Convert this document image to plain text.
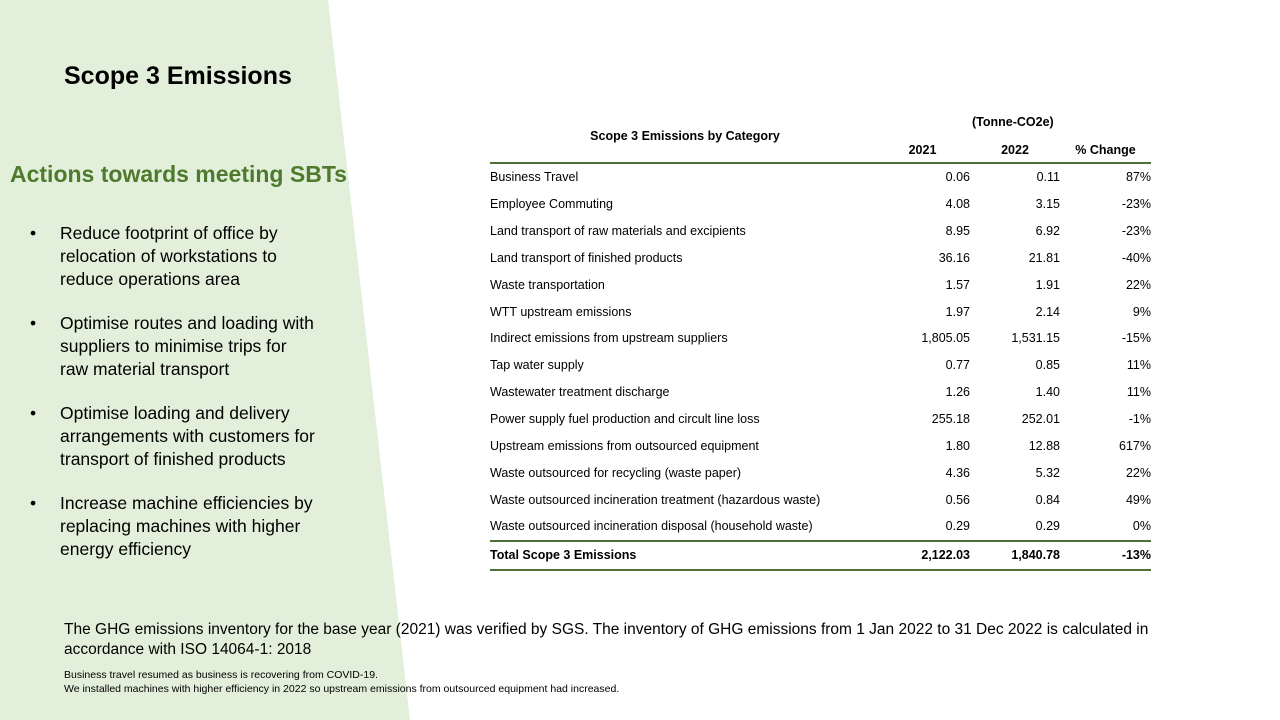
Scope 3 Emissions
Actions towards meeting SBTs
• Reduce footprint of office by relocation of workstations to reduce operations area
• Optimise routes and loading with suppliers to minimise trips for raw material transport
• Optimise loading and delivery arrangements with customers for transport of finished products
• Increase machine efficiencies by replacing machines with higher energy efficiency
(Tonne-CO2e)
Scope 3 Emissions by Category
	2021	2022	% Change
Business Travel	0.06	0.11	87%
Employee Commuting	4.08	3.15	-23%
Land transport of raw materials and excipients	8.95	6.92	-23%
Land transport of finished products	36.16	21.81	-40%
Waste transportation	1.57	1.91	22%
WTT upstream emissions	1.97	2.14	9%
Indirect emissions from upstream suppliers	1,805.05	1,531.15	-15%
Tap water supply	0.77	0.85	11%
Wastewater treatment discharge	1.26	1.40	11%
Power supply fuel production and circult line loss	255.18	252.01	-1%
Upstream emissions from outsourced equipment	1.80	12.88	617%
Waste outsourced for recycling (waste paper)	4.36	5.32	22%
Waste outsourced incineration treatment (hazardous waste)	0.56	0.84	49%
Waste outsourced incineration disposal (household waste)	0.29	0.29	0%
Total Scope 3 Emissions	2,122.03	1,840.78	-13%

The GHG emissions inventory for the base year (2021) was verified by SGS. The inventory of GHG emissions from 1 Jan 2022 to 31 Dec 2022 is calculated in accordance with ISO 14064-1: 2018

Business travel resumed as business is recovering from COVID-19.
We installed machines with higher efficiency in 2022 so upstream emissions from outsourced equipment had increased.
